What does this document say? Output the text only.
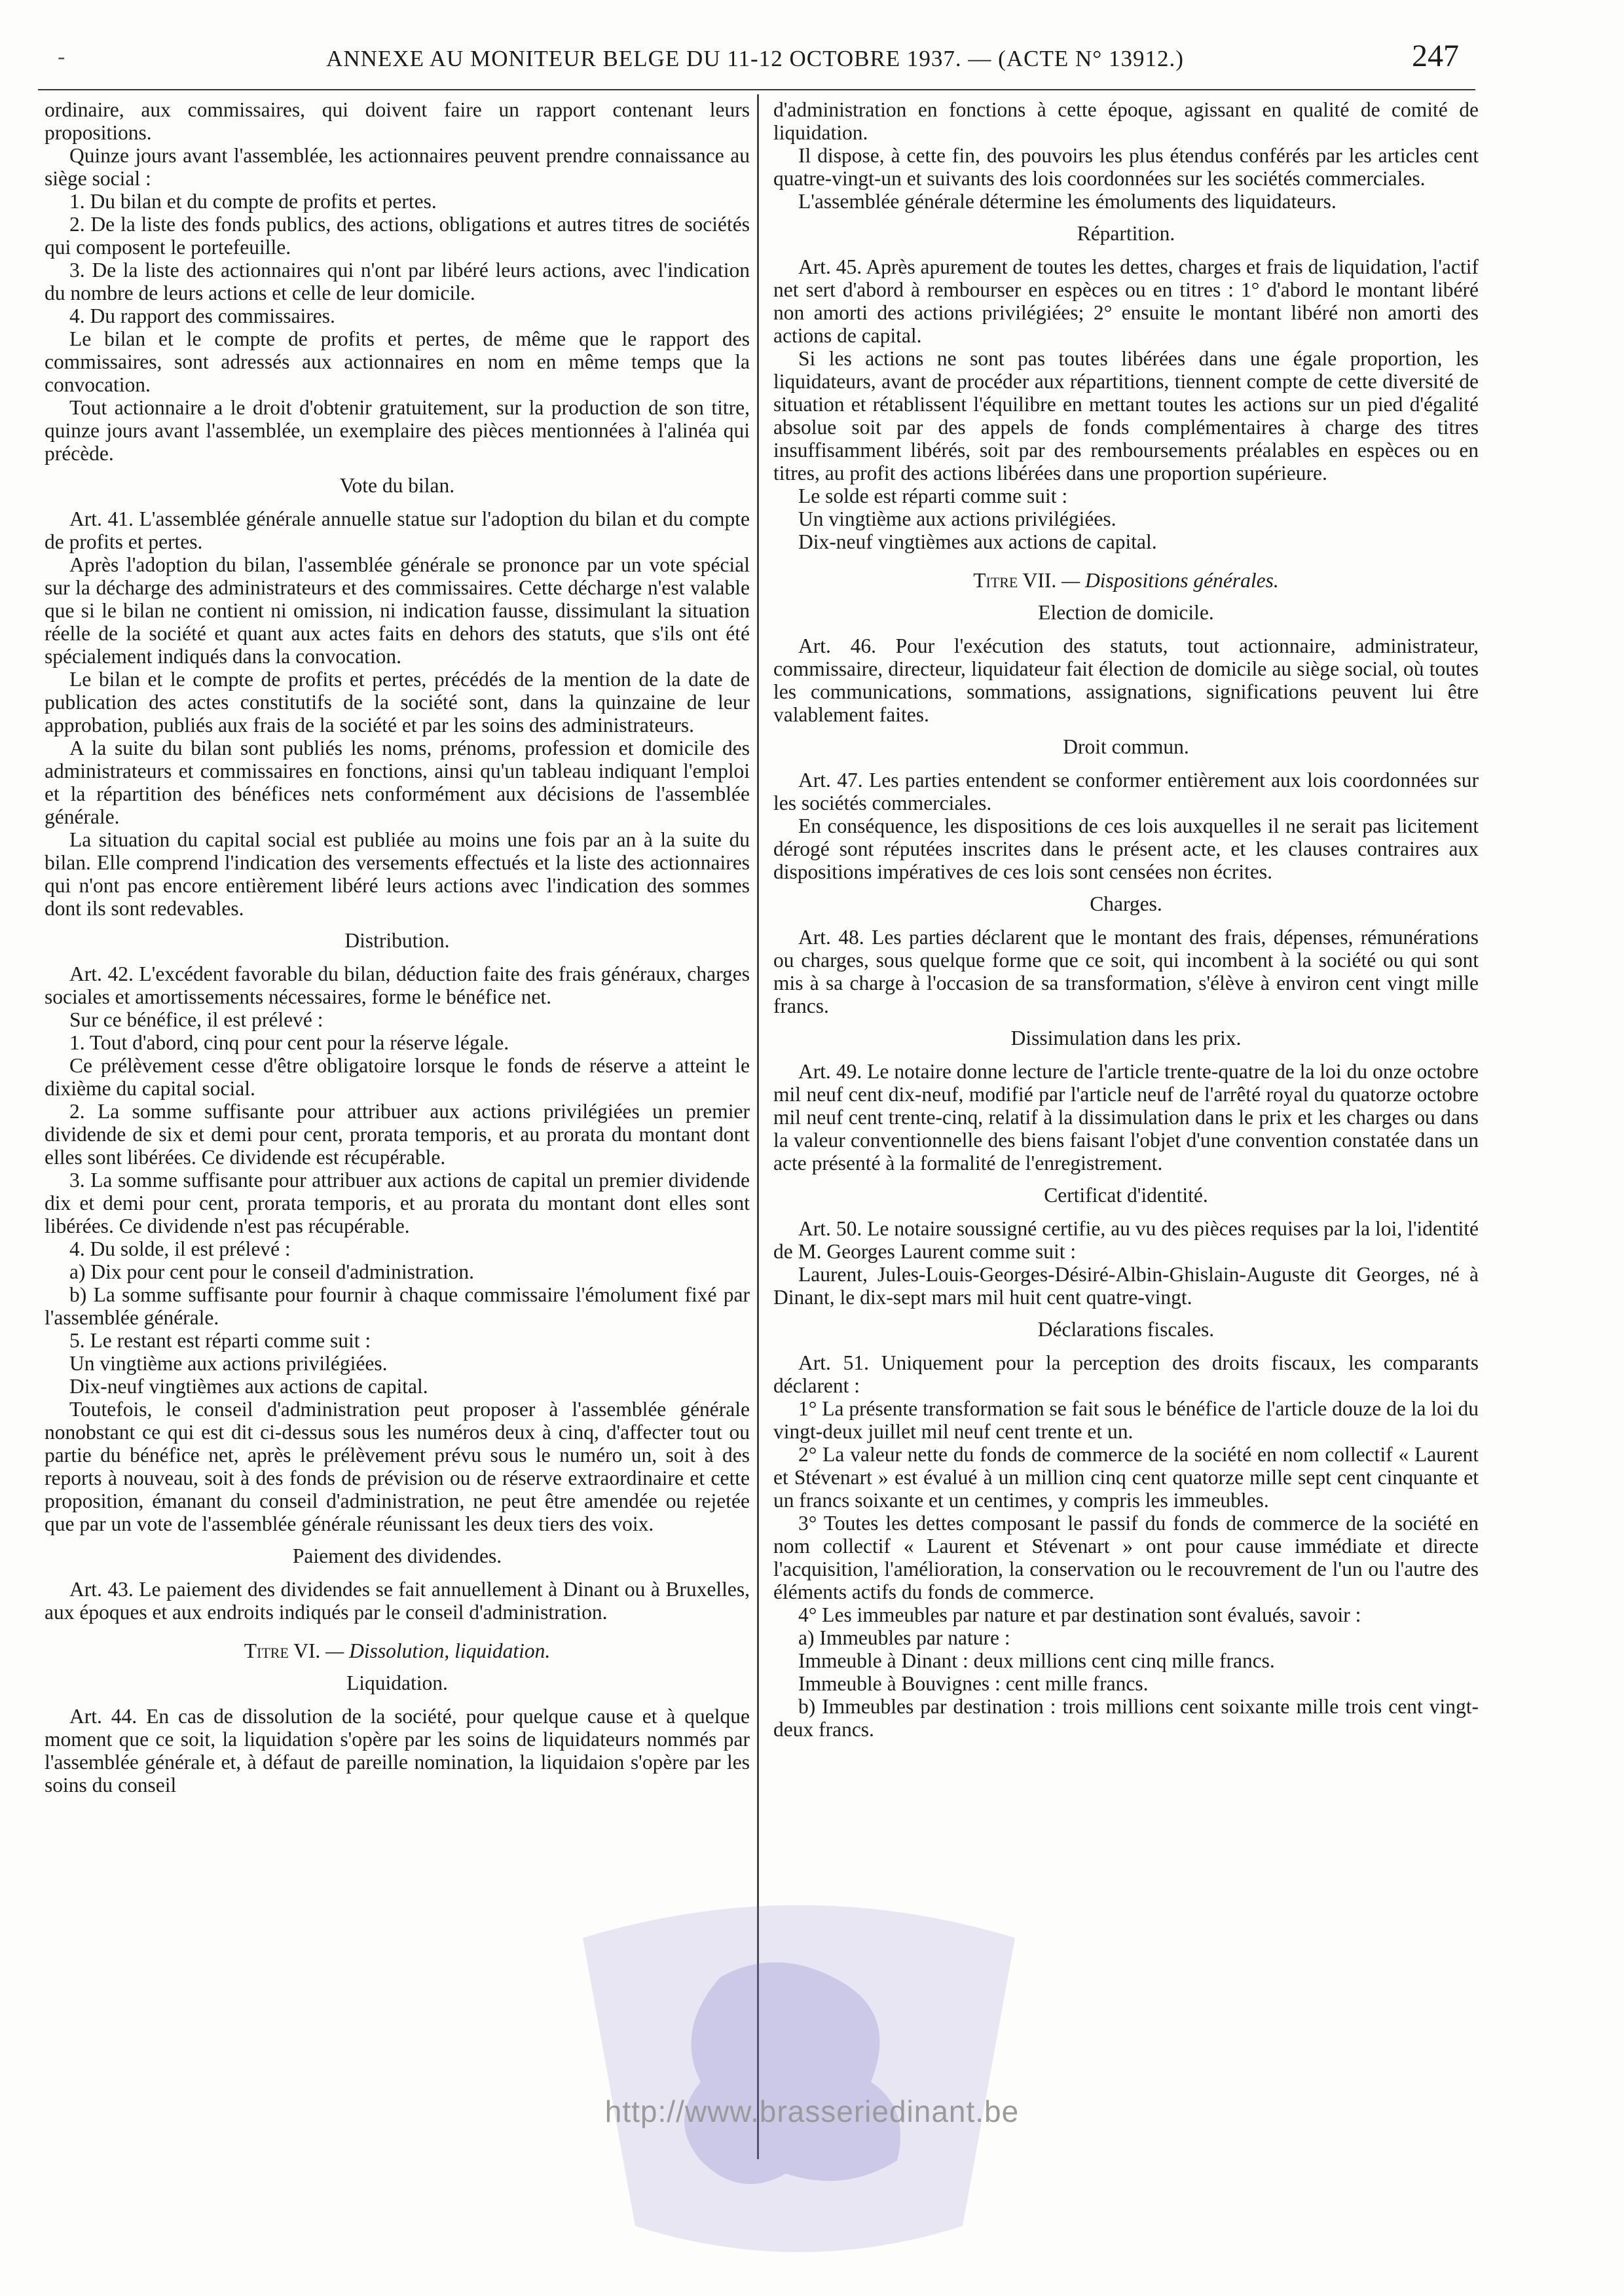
-	ANNEXE AU MONITEUR BELGE DU 11-12 OCTOBRE 1937. — (ACTE N° 13912.)	247

ordinaire, aux commissaires, qui doivent faire un rapport contenant leurs propositions.

Quinze jours avant l'assemblée, les actionnaires peuvent prendre connaissance au siège social :

1. Du bilan et du compte de profits et pertes.

2. De la liste des fonds publics, des actions, obligations et autres titres de sociétés qui composent le portefeuille.

3. De la liste des actionnaires qui n'ont par libéré leurs actions, avec l'indication du nombre de leurs actions et celle de leur domicile.

4. Du rapport des commissaires.

Le bilan et le compte de profits et pertes, de même que le rapport des commissaires, sont adressés aux actionnaires en nom en même temps que la convocation.

Tout actionnaire a le droit d'obtenir gratuitement, sur la production de son titre, quinze jours avant l'assemblée, un exemplaire des pièces mentionnées à l'alinéa qui précède.

Vote du bilan.

Art. 41. L'assemblée générale annuelle statue sur l'adoption du bilan et du compte de profits et pertes.

Après l'adoption du bilan, l'assemblée générale se prononce par un vote spécial sur la décharge des administrateurs et des commissaires. Cette décharge n'est valable que si le bilan ne contient ni omission, ni indication fausse, dissimulant la situation réelle de la société et quant aux actes faits en dehors des statuts, que s'ils ont été spécialement indiqués dans la convocation.

Le bilan et le compte de profits et pertes, précédés de la mention de la date de publication des actes constitutifs de la société sont, dans la quinzaine de leur approbation, publiés aux frais de la société et par les soins des administrateurs.

A la suite du bilan sont publiés les noms, prénoms, profession et domicile des administrateurs et commissaires en fonctions, ainsi qu'un tableau indiquant l'emploi et la répartition des bénéfices nets conformément aux décisions de l'assemblée générale.

La situation du capital social est publiée au moins une fois par an à la suite du bilan. Elle comprend l'indication des versements effectués et la liste des actionnaires qui n'ont pas encore entièrement libéré leurs actions avec l'indication des sommes dont ils sont redevables.

Distribution.

Art. 42. L'excédent favorable du bilan, déduction faite des frais généraux, charges sociales et amortissements nécessaires, forme le bénéfice net.

Sur ce bénéfice, il est prélevé :

1. Tout d'abord, cinq pour cent pour la réserve légale.

Ce prélèvement cesse d'être obligatoire lorsque le fonds de réserve a atteint le dixième du capital social.

2. La somme suffisante pour attribuer aux actions privilégiées un premier dividende de six et demi pour cent, prorata temporis, et au prorata du montant dont elles sont libérées. Ce dividende est récupérable.

3. La somme suffisante pour attribuer aux actions de capital un premier dividende dix et demi pour cent, prorata temporis, et au prorata du montant dont elles sont libérées. Ce dividende n'est pas récupérable.

4. Du solde, il est prélevé :

a) Dix pour cent pour le conseil d'administration.

b) La somme suffisante pour fournir à chaque commissaire l'émolument fixé par l'assemblée générale.

5. Le restant est réparti comme suit :

Un vingtième aux actions privilégiées.

Dix-neuf vingtièmes aux actions de capital.

Toutefois, le conseil d'administration peut proposer à l'assemblée générale nonobstant ce qui est dit ci-dessus sous les numéros deux à cinq, d'affecter tout ou partie du bénéfice net, après le prélèvement prévu sous le numéro un, soit à des reports à nouveau, soit à des fonds de prévision ou de réserve extraordinaire et cette proposition, émanant du conseil d'administration, ne peut être amendée ou rejetée que par un vote de l'assemblée générale réunissant les deux tiers des voix.

Paiement des dividendes.

Art. 43. Le paiement des dividendes se fait annuellement à Dinant ou à Bruxelles, aux époques et aux endroits indiqués par le conseil d'administration.

Titre VI. — Dissolution, liquidation.
Liquidation.

Art. 44. En cas de dissolution de la société, pour quelque cause et à quelque moment que ce soit, la liquidation s'opère par les soins de liquidateurs nommés par l'assemblée générale et, à défaut de pareille nomination, la liquidaion s'opère par les soins du conseil

d'administration en fonctions à cette époque, agissant en qualité de comité de liquidation.

Il dispose, à cette fin, des pouvoirs les plus étendus conférés par les articles cent quatre-vingt-un et suivants des lois coordonnées sur les sociétés commerciales.

L'assemblée générale détermine les émoluments des liquidateurs.

Répartition.

Art. 45. Après apurement de toutes les dettes, charges et frais de liquidation, l'actif net sert d'abord à rembourser en espèces ou en titres : 1° d'abord le montant libéré non amorti des actions privilégiées; 2° ensuite le montant libéré non amorti des actions de capital.

Si les actions ne sont pas toutes libérées dans une égale proportion, les liquidateurs, avant de procéder aux répartitions, tiennent compte de cette diversité de situation et rétablissent l'équilibre en mettant toutes les actions sur un pied d'égalité absolue soit par des appels de fonds complémentaires à charge des titres insuffisamment libérés, soit par des remboursements préalables en espèces ou en titres, au profit des actions libérées dans une proportion supérieure.

Le solde est réparti comme suit :

Un vingtième aux actions privilégiées.

Dix-neuf vingtièmes aux actions de capital.

Titre VII. — Dispositions générales.
Election de domicile.

Art. 46. Pour l'exécution des statuts, tout actionnaire, administrateur, commissaire, directeur, liquidateur fait élection de domicile au siège social, où toutes les communications, sommations, assignations, significations peuvent lui être valablement faites.

Droit commun.

Art. 47. Les parties entendent se conformer entièrement aux lois coordonnées sur les sociétés commerciales.

En conséquence, les dispositions de ces lois auxquelles il ne serait pas licitement dérogé sont réputées inscrites dans le présent acte, et les clauses contraires aux dispositions impératives de ces lois sont censées non écrites.

Charges.

Art. 48. Les parties déclarent que le montant des frais, dépenses, rémunérations ou charges, sous quelque forme que ce soit, qui incombent à la société ou qui sont mis à sa charge à l'occasion de sa transformation, s'élève à environ cent vingt mille francs.

Dissimulation dans les prix.

Art. 49. Le notaire donne lecture de l'article trente-quatre de la loi du onze octobre mil neuf cent dix-neuf, modifié par l'article neuf de l'arrêté royal du quatorze octobre mil neuf cent trente-cinq, relatif à la dissimulation dans le prix et les charges ou dans la valeur conventionnelle des biens faisant l'objet d'une convention constatée dans un acte présenté à la formalité de l'enregistrement.

Certificat d'identité.

Art. 50. Le notaire soussigné certifie, au vu des pièces requises par la loi, l'identité de M. Georges Laurent comme suit :

Laurent, Jules-Louis-Georges-Désiré-Albin-Ghislain-Auguste dit Georges, né à Dinant, le dix-sept mars mil huit cent quatre-vingt.

Déclarations fiscales.

Art. 51. Uniquement pour la perception des droits fiscaux, les comparants déclarent :

1° La présente transformation se fait sous le bénéfice de l'article douze de la loi du vingt-deux juillet mil neuf cent trente et un.

2° La valeur nette du fonds de commerce de la société en nom collectif « Laurent et Stévenart » est évalué à un million cinq cent quatorze mille sept cent cinquante et un francs soixante et un centimes, y compris les immeubles.

3° Toutes les dettes composant le passif du fonds de commerce de la société en nom collectif « Laurent et Stévenart » ont pour cause immédiate et directe l'acquisition, l'amélioration, la conservation ou le recouvrement de l'un ou l'autre des éléments actifs du fonds de commerce.

4° Les immeubles par nature et par destination sont évalués, savoir :

a) Immeubles par nature :

Immeuble à Dinant : deux millions cent cinq mille francs.

Immeuble à Bouvignes : cent mille francs.

b) Immeubles par destination : trois millions cent soixante mille trois cent vingt-deux francs.

http://www.brasseriedinant.be
